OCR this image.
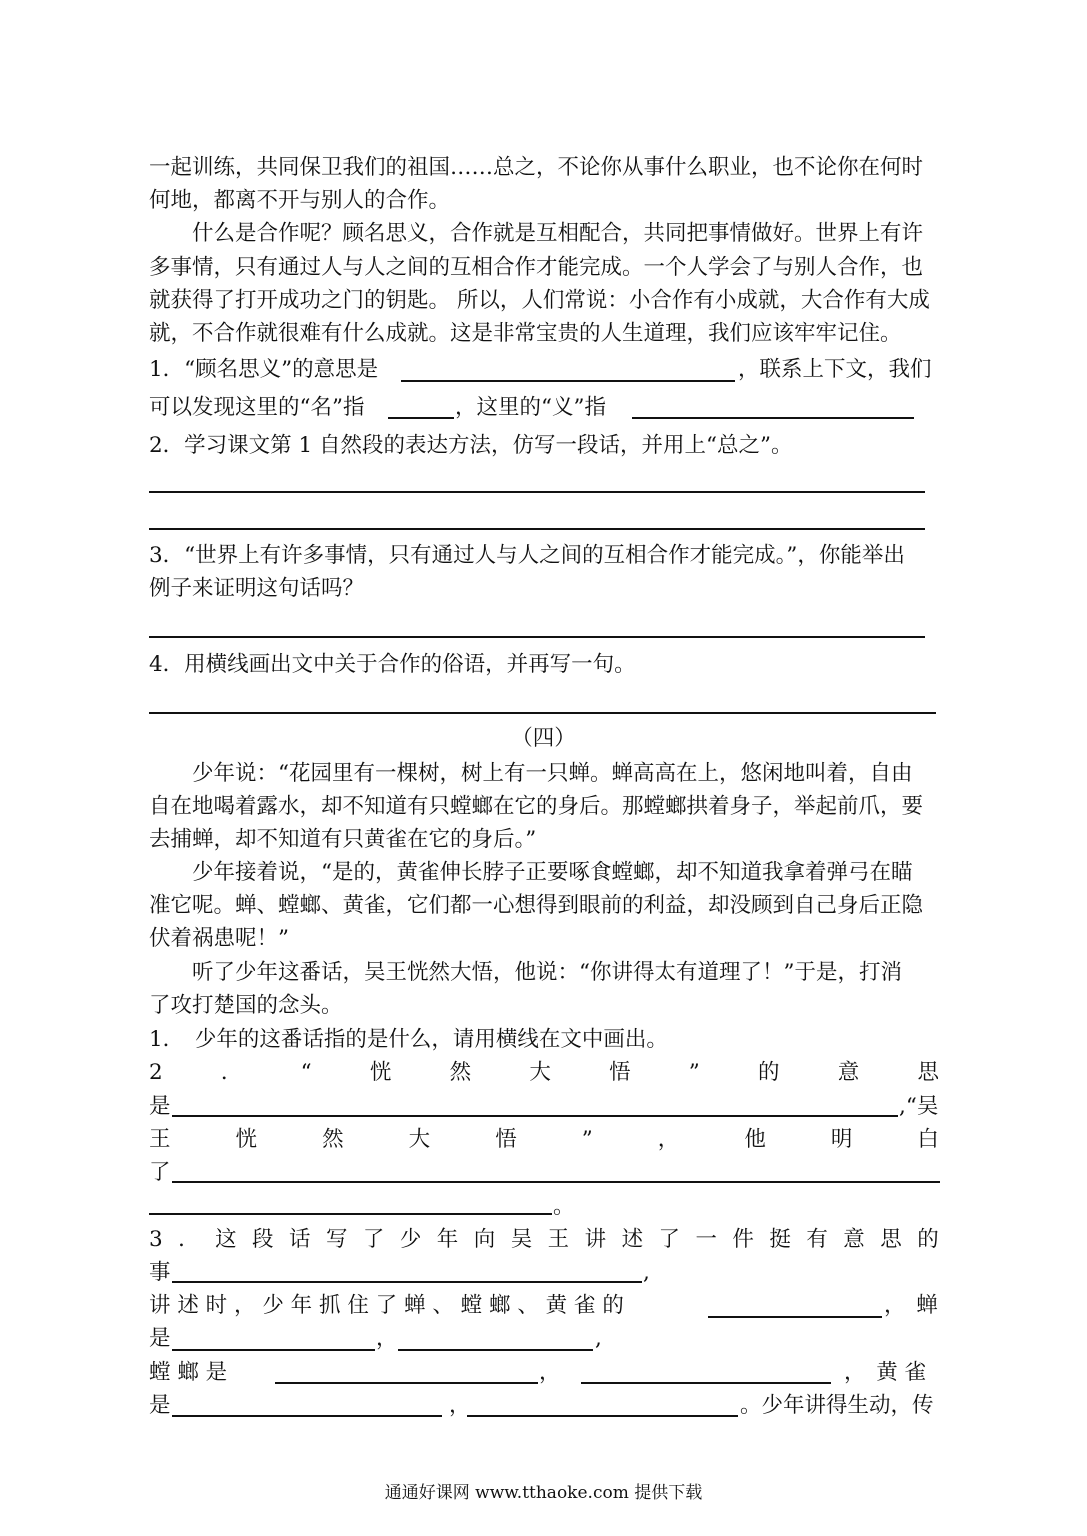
一起训练，共同保卫我们的祖国……总之，不论你从事什么职业，也不论你在何时
何地，都离不开与别人的合作。
什么是合作呢？顾名思义，合作就是互相配合，共同把事情做好。世界上有许
多事情，只有通过人与人之间的互相合作才能完成。一个人学会了与别人合作，也
就获得了打开成功之门的钥匙。 所以，人们常说：小合作有小成就，大合作有大成
就，不合作就很难有什么成就。这是非常宝贵的人生道理，我们应该牢牢记住。
1．“顾名思义”的意思是	，联系上下文，我们
可以发现这里的“名”指	，这里的“义”指
2．学习课文第 1 自然段的表达方法，仿写一段话，并用上“总之”。
3．“世界上有许多事情，只有通过人与人之间的互相合作才能完成。”，你能举出
例子来证明这句话吗？
4．用横线画出文中关于合作的俗语，并再写一句。
（四）
少年说：“花园里有一棵树，树上有一只蝉。蝉高高在上，悠闲地叫着，自由
自在地喝着露水，却不知道有只螳螂在它的身后。那螳螂拱着身子，举起前爪，要
去捕蝉，却不知道有只黄雀在它的身后。”
少年接着说，“是的，黄雀伸长脖子正要啄食螳螂，却不知道我拿着弹弓在瞄
准它呢。蝉、螳螂、黄雀，它们都一心想得到眼前的利益，却没顾到自己身后正隐
伏着祸患呢！”
听了少年这番话，吴王恍然大悟，他说：“你讲得太有道理了！”于是，打消
了攻打楚国的念头。
1．　少年的这番话指的是什么，请用横线在文中画出。
2	．	“	恍	然	大	悟	”	的	意	思
是	,“吴
王	恍	然	大	悟	”	，	他	明	白
了
。
3 ． 这 段 话 写 了 少 年 向 吴 王 讲 述 了 一 件 挺 有 意 思 的
事	,
讲 述 时 ， 少 年 抓 住 了 蝉 、 螳 螂 、 黄 雀 的	，　蝉
是	，	,
螳 螂 是	，	，　黄 雀
是	，	。少年讲得生动，传
通通好课网 www.tthaoke.com 提供下载
